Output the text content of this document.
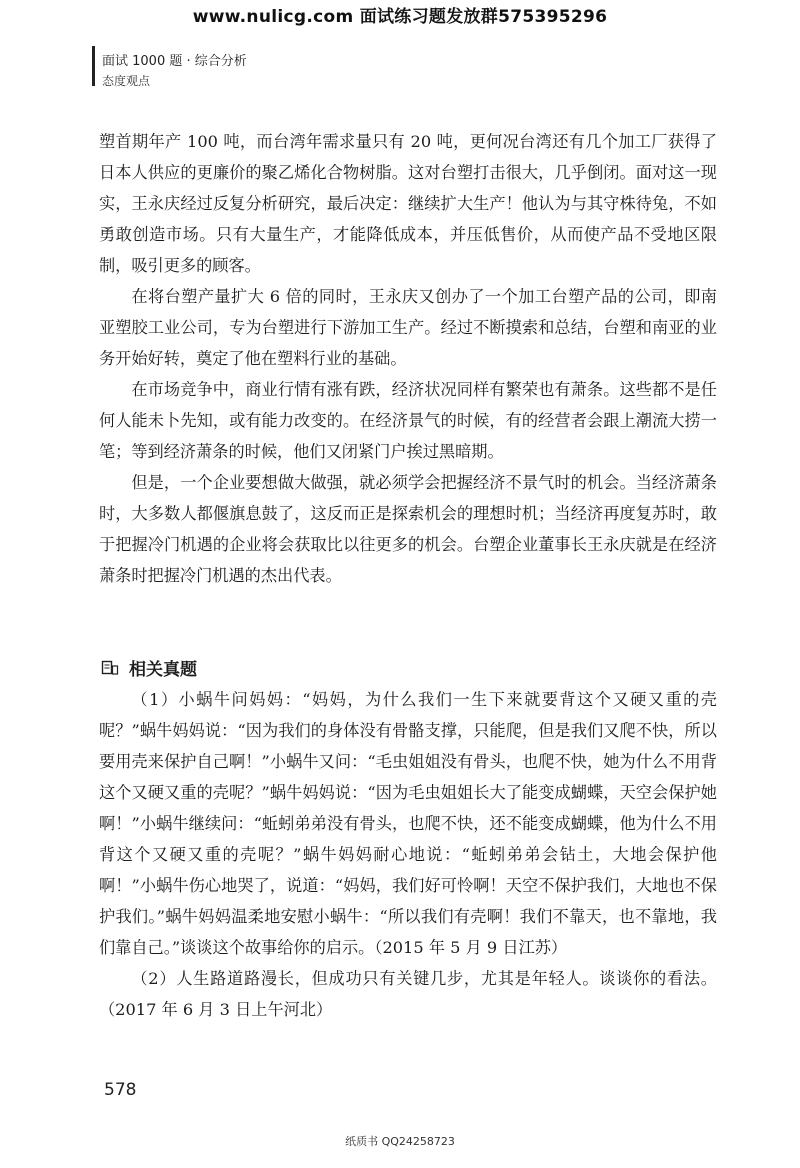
www.nulicg.com 面试练习题发放群575395296
面试 1000 题 · 综合分析
态度观点

塑首期年产 100 吨，而台湾年需求量只有 20 吨，更何况台湾还有几个加工厂获得了日本人供应的更廉价的聚乙烯化合物树脂。这对台塑打击很大，几乎倒闭。面对这一现实，王永庆经过反复分析研究，最后决定：继续扩大生产！他认为与其守株待兔，不如勇敢创造市场。只有大量生产，才能降低成本，并压低售价，从而使产品不受地区限制，吸引更多的顾客。

在将台塑产量扩大 6 倍的同时，王永庆又创办了一个加工台塑产品的公司，即南亚塑胶工业公司，专为台塑进行下游加工生产。经过不断摸索和总结，台塑和南亚的业务开始好转，奠定了他在塑料行业的基础。

在市场竞争中，商业行情有涨有跌，经济状况同样有繁荣也有萧条。这些都不是任何人能未卜先知，或有能力改变的。在经济景气的时候，有的经营者会跟上潮流大捞一笔；等到经济萧条的时候，他们又闭紧门户挨过黑暗期。

但是，一个企业要想做大做强，就必须学会把握经济不景气时的机会。当经济萧条时，大多数人都偃旗息鼓了，这反而正是探索机会的理想时机；当经济再度复苏时，敢于把握冷门机遇的企业将会获取比以往更多的机会。台塑企业董事长王永庆就是在经济萧条时把握冷门机遇的杰出代表。

相关真题

（1）小蜗牛问妈妈：“妈妈，为什么我们一生下来就要背这个又硬又重的壳呢？”蜗牛妈妈说：“因为我们的身体没有骨骼支撑，只能爬，但是我们又爬不快，所以要用壳来保护自己啊！”小蜗牛又问：“毛虫姐姐没有骨头，也爬不快，她为什么不用背这个又硬又重的壳呢？”蜗牛妈妈说：“因为毛虫姐姐长大了能变成蝴蝶，天空会保护她啊！”小蜗牛继续问：“蚯蚓弟弟没有骨头，也爬不快，还不能变成蝴蝶，他为什么不用背这个又硬又重的壳呢？”蜗牛妈妈耐心地说：“蚯蚓弟弟会钻土，大地会保护他啊！”小蜗牛伤心地哭了，说道：“妈妈，我们好可怜啊！天空不保护我们，大地也不保护我们。”蜗牛妈妈温柔地安慰小蜗牛：“所以我们有壳啊！我们不靠天，也不靠地，我们靠自己。”谈谈这个故事给你的启示。（2015 年 5 月 9 日江苏）

（2）人生路道路漫长，但成功只有关键几步，尤其是年轻人。谈谈你的看法。（2017 年 6 月 3 日上午河北）

578
纸质书 QQ24258723
